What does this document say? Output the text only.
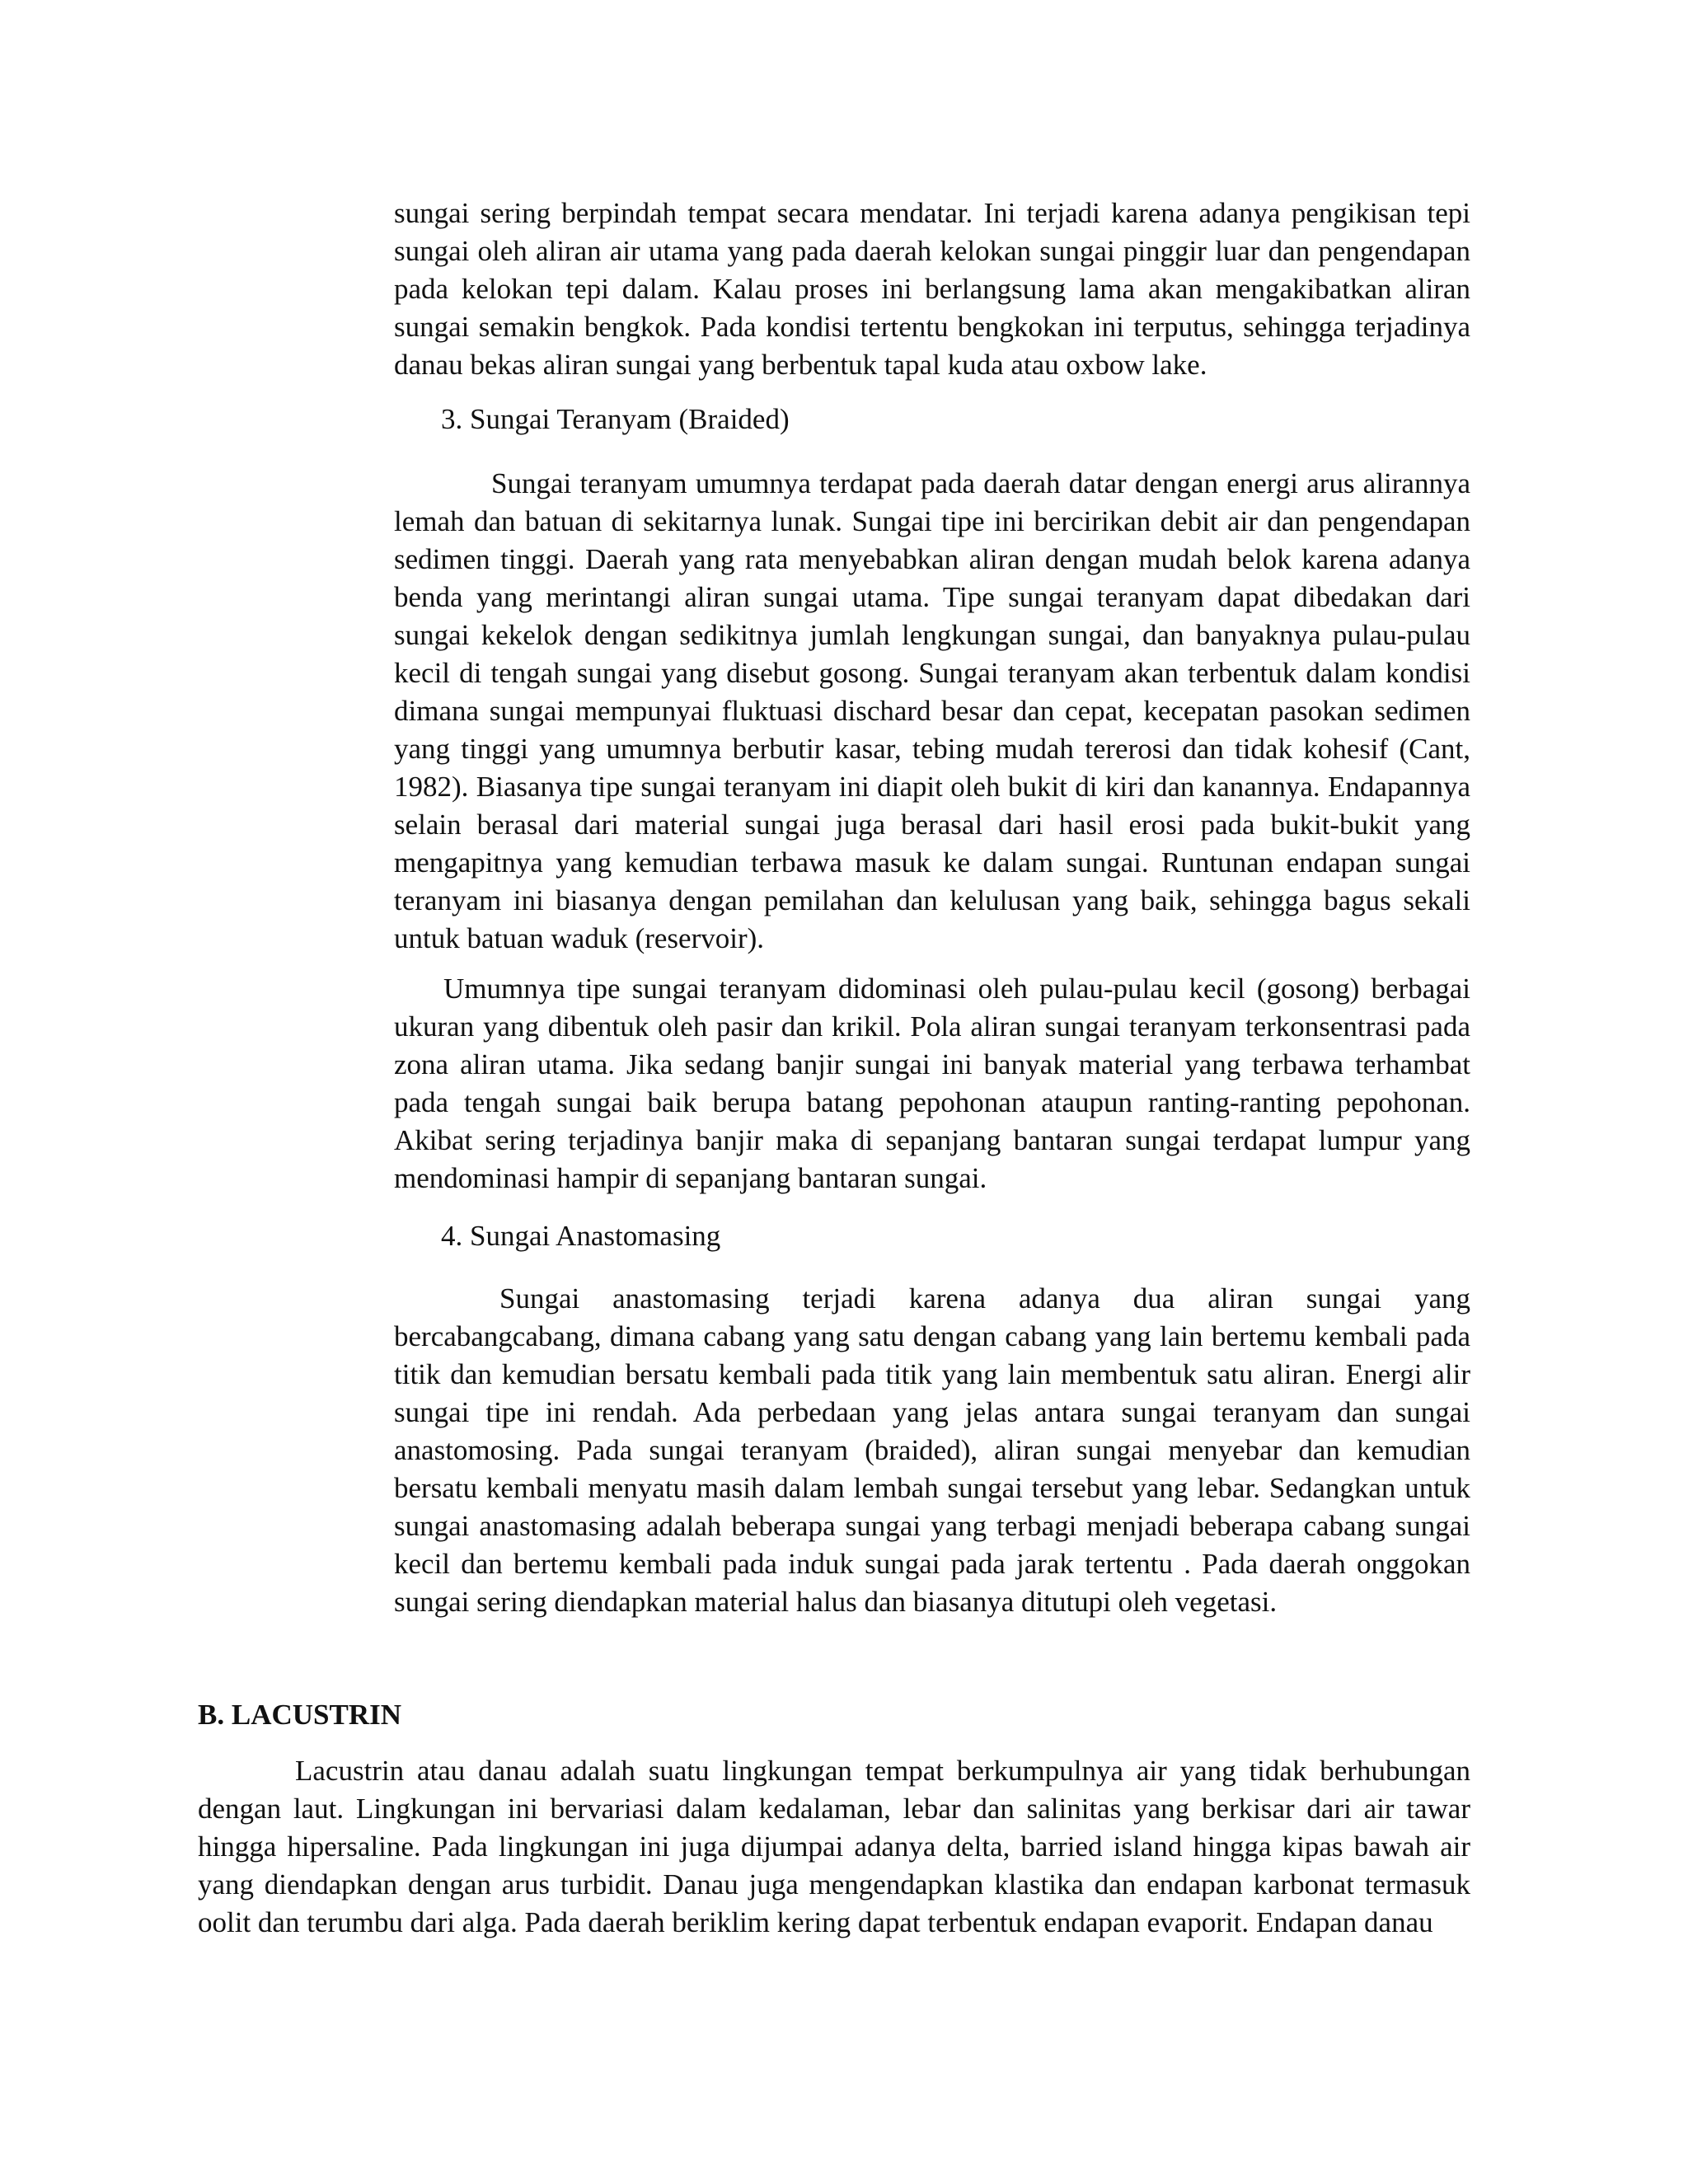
sungai sering berpindah tempat secara mendatar. Ini terjadi karena adanya pengikisan tepi sungai oleh aliran air utama yang pada daerah kelokan sungai pinggir luar dan pengendapan pada kelokan tepi dalam. Kalau proses ini berlangsung lama akan mengakibatkan aliran sungai semakin bengkok. Pada kondisi tertentu bengkokan ini terputus, sehingga terjadinya danau bekas aliran sungai yang berbentuk tapal kuda atau oxbow lake.

3. Sungai Teranyam (Braided)

Sungai teranyam umumnya terdapat pada daerah datar dengan energi arus alirannya lemah dan batuan di sekitarnya lunak. Sungai tipe ini bercirikan debit air dan pengendapan sedimen tinggi. Daerah yang rata menyebabkan aliran dengan mudah belok karena adanya benda yang merintangi aliran sungai utama. Tipe sungai teranyam dapat dibedakan dari sungai kekelok dengan sedikitnya jumlah lengkungan sungai, dan banyaknya pulau-pulau kecil di tengah sungai yang disebut gosong. Sungai teranyam akan terbentuk dalam kondisi dimana sungai mempunyai fluktuasi dischard besar dan cepat, kecepatan pasokan sedimen yang tinggi yang umumnya berbutir kasar, tebing mudah tererosi dan tidak kohesif (Cant, 1982). Biasanya tipe sungai teranyam ini diapit oleh bukit di kiri dan kanannya. Endapannya selain berasal dari material sungai juga berasal dari hasil erosi pada bukit-bukit yang mengapitnya yang kemudian terbawa masuk ke dalam sungai. Runtunan endapan sungai teranyam ini biasanya dengan pemilahan dan kelulusan yang baik, sehingga bagus sekali untuk batuan waduk (reservoir).

Umumnya tipe sungai teranyam didominasi oleh pulau-pulau kecil (gosong) berbagai ukuran yang dibentuk oleh pasir dan krikil. Pola aliran sungai teranyam terkonsentrasi pada zona aliran utama. Jika sedang banjir sungai ini banyak material yang terbawa terhambat pada tengah sungai baik berupa batang pepohonan ataupun ranting-ranting pepohonan. Akibat sering terjadinya banjir maka di sepanjang bantaran sungai terdapat lumpur yang mendominasi hampir di sepanjang bantaran sungai.

4. Sungai Anastomasing

Sungai anastomasing terjadi karena adanya dua aliran sungai yang bercabangcabang, dimana cabang yang satu dengan cabang yang lain bertemu kembali pada titik dan kemudian bersatu kembali pada titik yang lain membentuk satu aliran. Energi alir sungai tipe ini rendah. Ada perbedaan yang jelas antara sungai teranyam dan sungai anastomosing. Pada sungai teranyam (braided), aliran sungai menyebar dan kemudian bersatu kembali menyatu masih dalam lembah sungai tersebut yang lebar. Sedangkan untuk sungai anastomasing adalah beberapa sungai yang terbagi menjadi beberapa cabang sungai kecil dan bertemu kembali pada induk sungai pada jarak tertentu . Pada daerah onggokan sungai sering diendapkan material halus dan biasanya ditutupi oleh vegetasi.

B. LACUSTRIN

Lacustrin atau danau adalah suatu lingkungan tempat berkumpulnya air yang tidak berhubungan dengan laut. Lingkungan ini bervariasi dalam kedalaman, lebar dan salinitas yang berkisar dari air tawar hingga hipersaline. Pada lingkungan ini juga dijumpai adanya delta, barried island hingga kipas bawah air yang diendapkan dengan arus turbidit. Danau juga mengendapkan klastika dan endapan karbonat termasuk oolit dan terumbu dari alga. Pada daerah beriklim kering dapat terbentuk endapan evaporit. Endapan danau
